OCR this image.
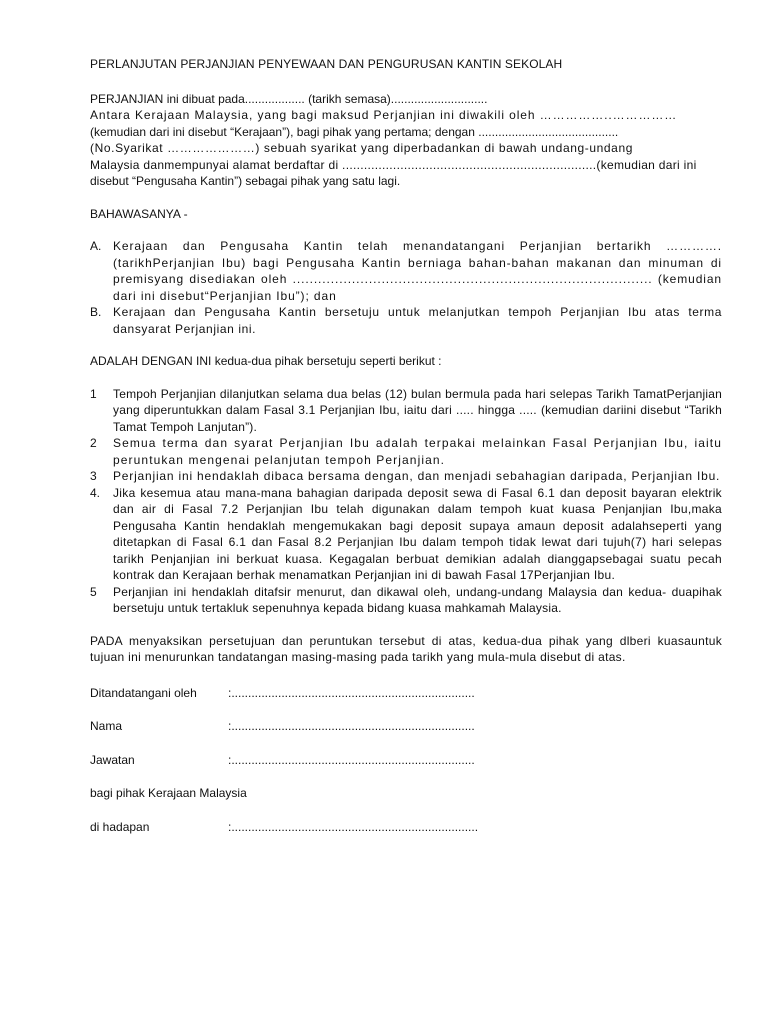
PERLANJUTAN PERJANJIAN PENYEWAAN DAN PENGURUSAN KANTIN SEKOLAH

PERJANJIAN ini dibuat pada.................. (tarikh semasa).............................

Antara Kerajaan Malaysia, yang bagi maksud Perjanjian ini diwakili oleh ……………..……………

(kemudian dari ini disebut “Kerajaan”), bagi pihak yang pertama; dengan ..........................................

(No.Syarikat …………………) sebuah syarikat yang diperbadankan di bawah undang-undang

Malaysia danmempunyai alamat berdaftar di ......................................................................(kemudian dari ini

disebut “Pengusaha Kantin”) sebagai pihak yang satu lagi.

BAHAWASANYA -
A. Kerajaan dan Pengusaha Kantin telah menandatangani Perjanjian bertarikh …………. (tarikhPerjanjian Ibu) bagi Pengusaha Kantin berniaga bahan-bahan makanan dan minuman di premisyang disediakan oleh ..................................................................................... (kemudian dari ini disebut“Perjanjian Ibu”); dan
B. Kerajaan dan Pengusaha Kantin bersetuju untuk melanjutkan tempoh Perjanjian Ibu atas terma dansyarat Perjanjian ini.
ADALAH DENGAN INI kedua-dua pihak bersetuju seperti berikut :
1	Tempoh Perjanjian dilanjutkan selama dua belas (12) bulan bermula pada hari selepas Tarikh TamatPerjanjian yang diperuntukkan dalam Fasal 3.1 Perjanjian Ibu, iaitu dari ..... hingga ..... (kemudian dariini disebut “Tarikh Tamat Tempoh Lanjutan”).
2	Semua terma dan syarat Perjanjian Ibu adalah terpakai melainkan Fasal Perjanjian Ibu, iaitu peruntukan mengenai pelanjutan tempoh Perjanjian.
3	Perjanjian ini hendaklah dibaca bersama dengan, dan menjadi sebahagian daripada, Perjanjian Ibu.
4.	Jika kesemua atau mana-mana bahagian daripada deposit sewa di Fasal 6.1 dan deposit bayaran elektrik dan air di Fasal 7.2 Perjanjian Ibu telah digunakan dalam tempoh kuat kuasa Penjanjian Ibu,maka Pengusaha Kantin hendaklah mengemukakan bagi deposit supaya amaun deposit adalahseperti yang ditetapkan di Fasal 6.1 dan Fasal 8.2 Perjanjian Ibu dalam tempoh tidak lewat dari tujuh(7) hari selepas tarikh Penjanjian ini berkuat kuasa. Kegagalan berbuat demikian adalah dianggapsebagai suatu pecah kontrak dan Kerajaan berhak menamatkan Perjanjian ini di bawah Fasal 17Perjanjian Ibu.
5	Perjanjian ini hendaklah ditafsir menurut, dan dikawal oleh, undang-undang Malaysia dan kedua- duapihak bersetuju untuk tertakluk sepenuhnya kepada bidang kuasa mahkamah Malaysia.
PADA menyaksikan persetujuan dan peruntukan tersebut di atas, kedua-dua pihak yang dlberi kuasauntuk tujuan ini menurunkan tandatangan masing-masing pada tarikh yang mula-mula disebut di atas.
Ditandatangani oleh	:.........................................................................
Nama	:.........................................................................
Jawatan	:.........................................................................
bagi pihak Kerajaan Malaysia
di hadapan	:..........................................................................
